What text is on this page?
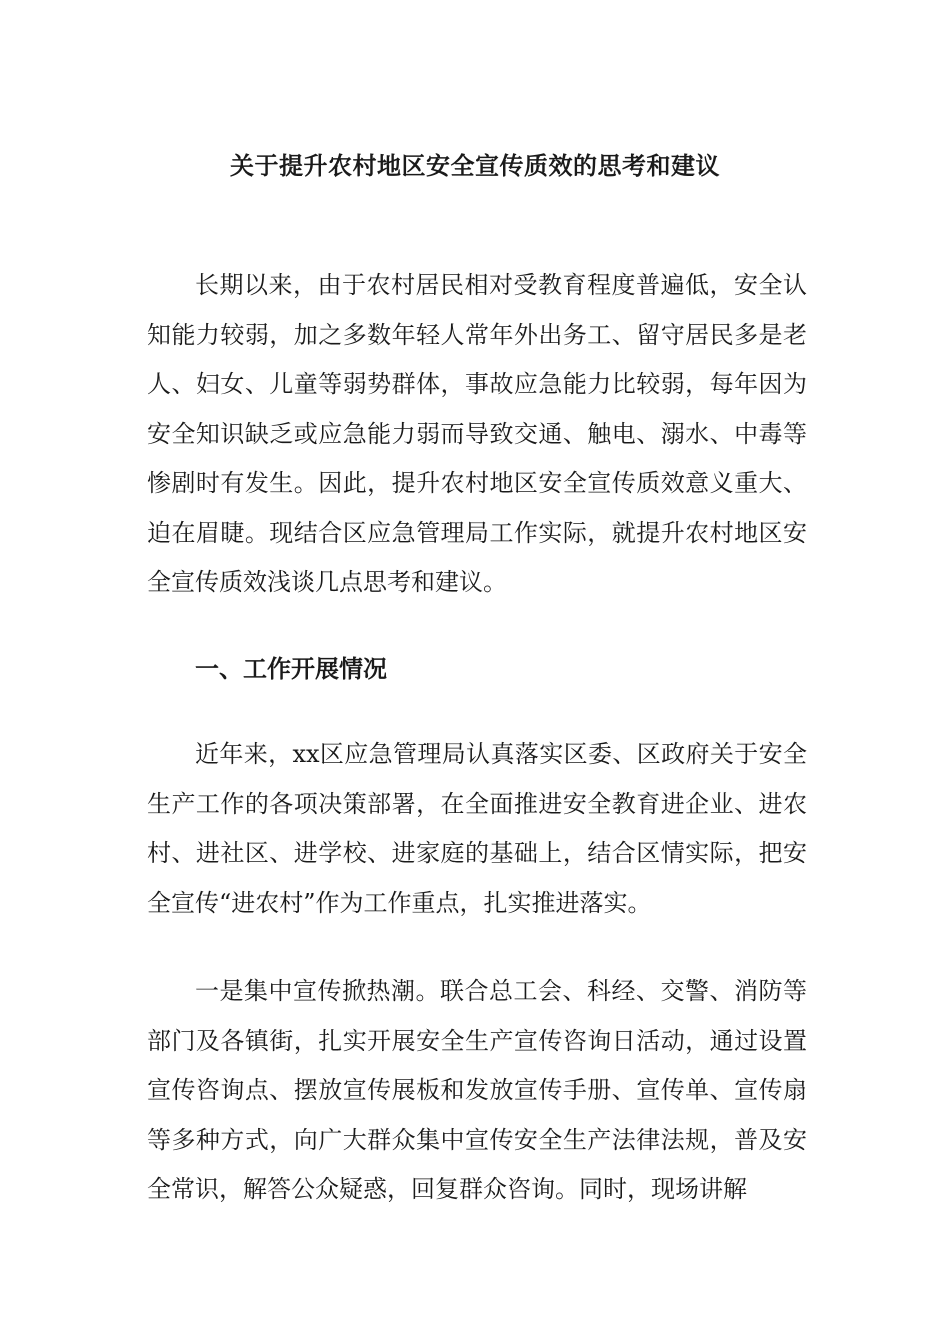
关于提升农村地区安全宣传质效的思考和建议

长期以来，由于农村居民相对受教育程度普遍低，安全认知能力较弱，加之多数年轻人常年外出务工、留守居民多是老人、妇女、儿童等弱势群体，事故应急能力比较弱，每年因为安全知识缺乏或应急能力弱而导致交通、触电、溺水、中毒等惨剧时有发生。因此，提升农村地区安全宣传质效意义重大、迫在眉睫。现结合区应急管理局工作实际，就提升农村地区安全宣传质效浅谈几点思考和建议。

一、工作开展情况

近年来，xx区应急管理局认真落实区委、区政府关于安全生产工作的各项决策部署，在全面推进安全教育进企业、进农村、进社区、进学校、进家庭的基础上，结合区情实际，把安全宣传“进农村”作为工作重点，扎实推进落实。

一是集中宣传掀热潮。联合总工会、科经、交警、消防等部门及各镇街，扎实开展安全生产宣传咨询日活动，通过设置宣传咨询点、摆放宣传展板和发放宣传手册、宣传单、宣传扇等多种方式，向广大群众集中宣传安全生产法律法规，普及安全常识，解答公众疑惑，回复群众咨询。同时，现场讲解
